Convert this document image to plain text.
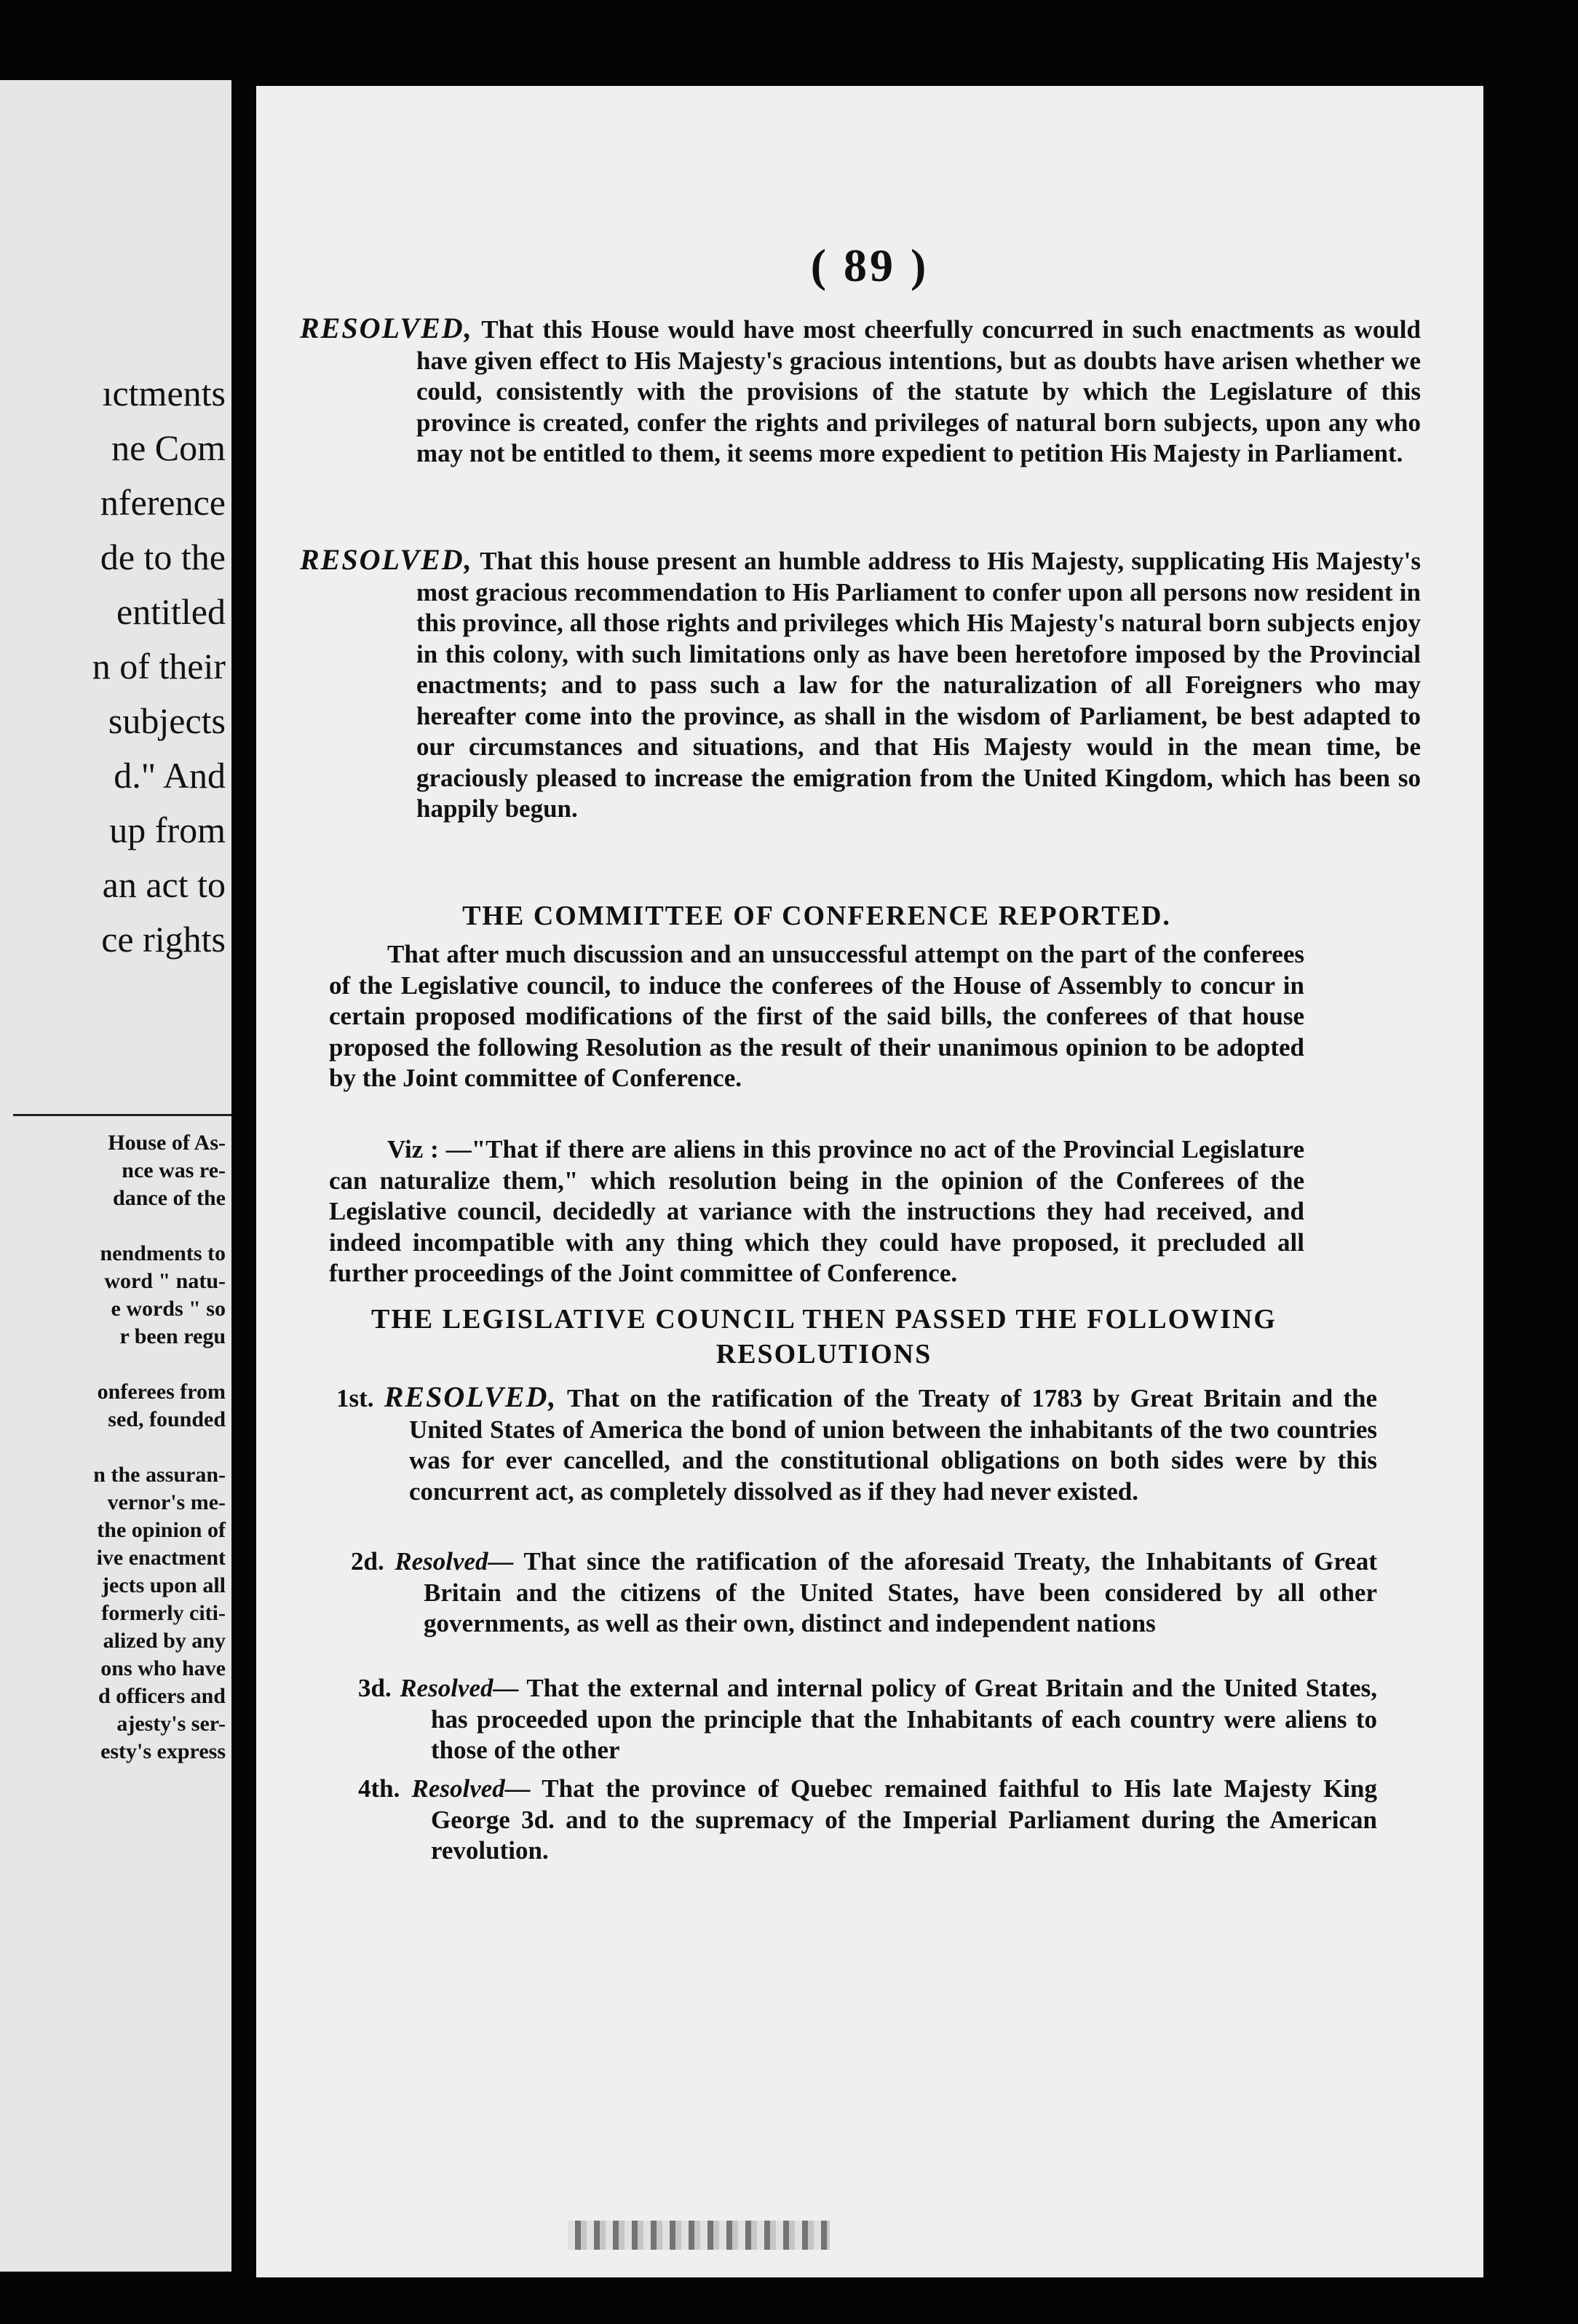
ıctments
ne Com
nference
de to the
entitled
n of their
subjects
d." And
up from
an act to
ce rights
House of As-
nce was re-
dance of the
nendments to
word " natu-
e words " so
r been regu
onferees from
sed, founded
n the assuran-
vernor's me-
the opinion of
ive enactment
jects upon all
formerly citi-
alized by any
ons who have
d officers and
ajesty's ser-
esty's express
( 89 )
RESOLVED, That this House would have most cheerfully concurred in such enactments as would have given effect to His Majesty's gracious intentions, but as doubts have arisen whether we could, consistently with the provisions of the statute by which the Legislature of this province is created, confer the rights and privileges of natural born subjects, upon any who may not be entitled to them, it seems more expedient to petition His Majesty in Parliament.
RESOLVED, That this house present an humble address to His Majesty, supplicating His Majesty's most gracious recommendation to His Parliament to confer upon all persons now resident in this province, all those rights and privileges which His Majesty's natural born subjects enjoy in this colony, with such limitations only as have been heretofore imposed by the Provincial enactments; and to pass such a law for the naturalization of all Foreigners who may hereafter come into the province, as shall in the wisdom of Parliament, be best adapted to our circumstances and situations, and that His Majesty would in the mean time, be graciously pleased to increase the emigration from the United Kingdom, which has been so happily begun.
THE COMMITTEE OF CONFERENCE REPORTED.
That after much discussion and an unsuccessful attempt on the part of the conferees of the Legislative council, to induce the conferees of the House of Assembly to concur in certain proposed modifications of the first of the said bills, the conferees of that house proposed the following Resolution as the result of their unanimous opinion to be adopted by the Joint committee of Conference.
Viz : —"That if there are aliens in this province no act of the Provincial Legislature can naturalize them," which resolution being in the opinion of the Conferees of the Legislative council, decidedly at variance with the instructions they had received, and indeed incompatible with any thing which they could have proposed, it precluded all further proceedings of the Joint committee of Conference.
THE LEGISLATIVE COUNCIL THEN PASSED THE FOLLOWING
RESOLUTIONS
1st. RESOLVED, That on the ratification of the Treaty of 1783 by Great Britain and the United States of America the bond of union between the inhabitants of the two countries was for ever cancelled, and the constitutional obligations on both sides were by this concurrent act, as completely dissolved as if they had never existed.
2d. Resolved— That since the ratification of the aforesaid Treaty, the Inhabitants of Great Britain and the citizens of the United States, have been considered by all other governments, as well as their own, distinct and independent nations
3d. Resolved— That the external and internal policy of Great Britain and the United States, has proceeded upon the principle that the Inhabitants of each country were aliens to those of the other
4th. Resolved— That the province of Quebec remained faithful to His late Majesty King George 3d. and to the supremacy of the Imperial Parliament during the American revolution.
